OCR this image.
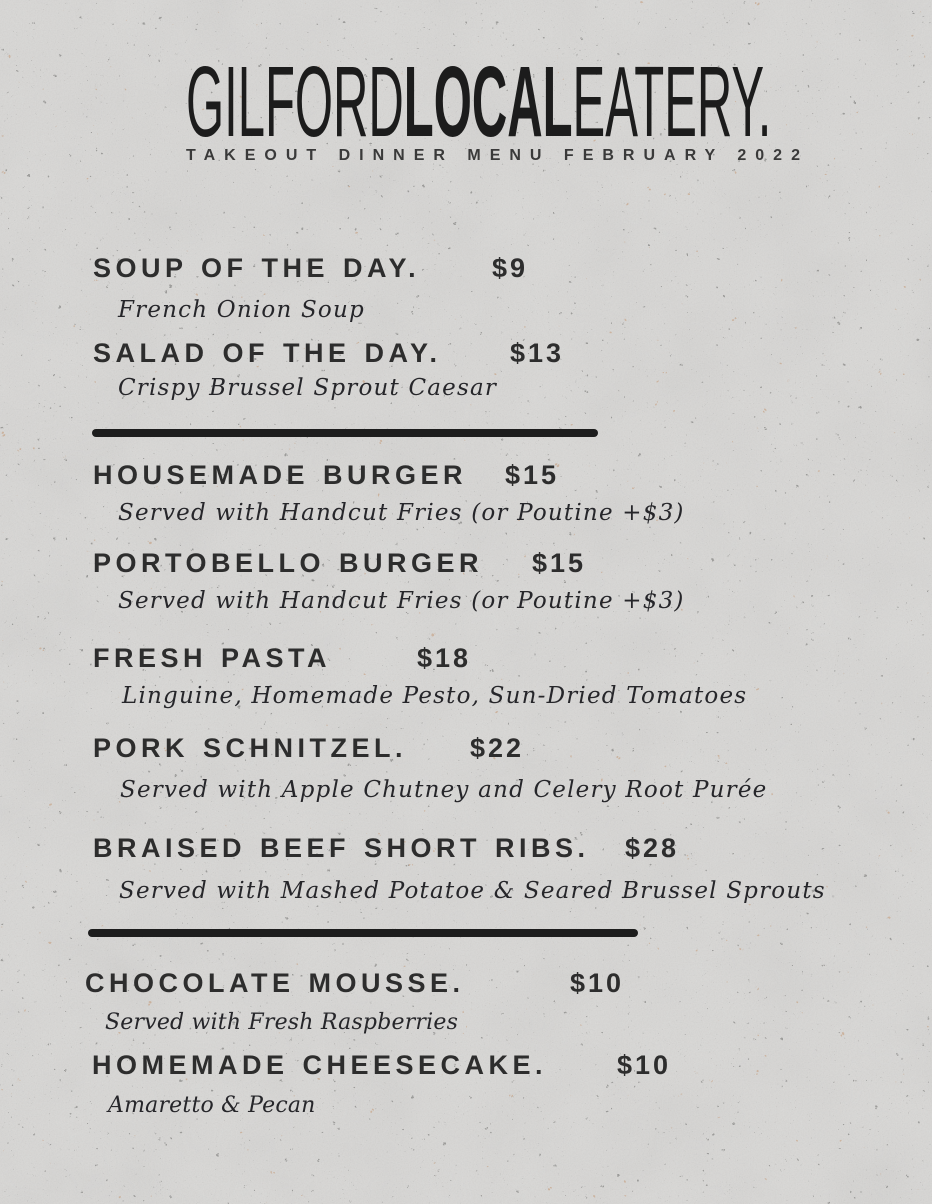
GILFORDLOCALEATERY.
TAKEOUT DINNER MENU FEBRUARY 2022
SOUP OF THE DAY.	$9
French Onion Soup
SALAD OF THE DAY.	$13
Crispy Brussel Sprout Caesar
HOUSEMADE BURGER $15
Served with Handcut Fries (or Poutine +$3)
PORTOBELLO BURGER $15
Served with Handcut Fries (or Poutine +$3)
FRESH PASTA	$18
Linguine, Homemade Pesto, Sun-Dried Tomatoes
PORK SCHNITZEL. $22
Served with Apple Chutney and Celery Root Purée
BRAISED BEEF SHORT RIBS. $28
Served with Mashed Potatoe & Seared Brussel Sprouts
CHOCOLATE MOUSSE.	$10
Served with Fresh Raspberries
HOMEMADE CHEESECAKE.	$10
Amaretto & Pecan
